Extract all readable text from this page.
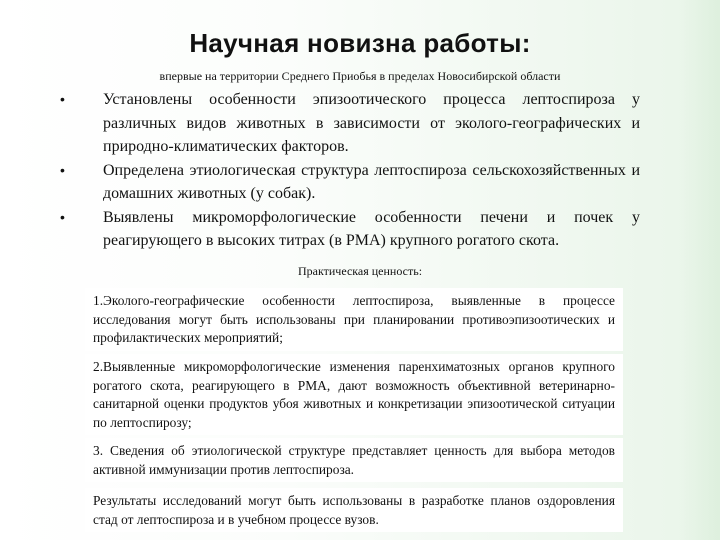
Научная новизна работы:
впервые на территории Среднего Приобья в пределах Новосибирской области
• Установлены особенности эпизоотического процесса лептоспироза у различных видов животных в зависимости от эколого-географических и природно-климатических факторов.
• Определена этиологическая структура лептоспироза сельскохозяйственных и домашних животных (у собак).
• Выявлены микроморфологические особенности печени и почек у реагирующего в высоких титрах (в РМА) крупного рогатого скота.
Практическая ценность:
1.Эколого-географические особенности лептоспироза, выявленные в процессе исследования могут быть использованы при планировании противоэпизоотических и профилактических мероприятий;
2.Выявленные микроморфологические изменения паренхиматозных органов крупного рогатого скота, реагирующего в РМА, дают возможность объективной ветеринарно-санитарной оценки продуктов убоя животных и конкретизации эпизоотической ситуации по лептоспирозу;
3. Сведения об этиологической структуре представляет ценность для выбора методов активной иммунизации против лептоспироза.
Результаты исследований могут быть использованы в разработке планов оздоровления стад от лептоспироза и в учебном процессе вузов.
